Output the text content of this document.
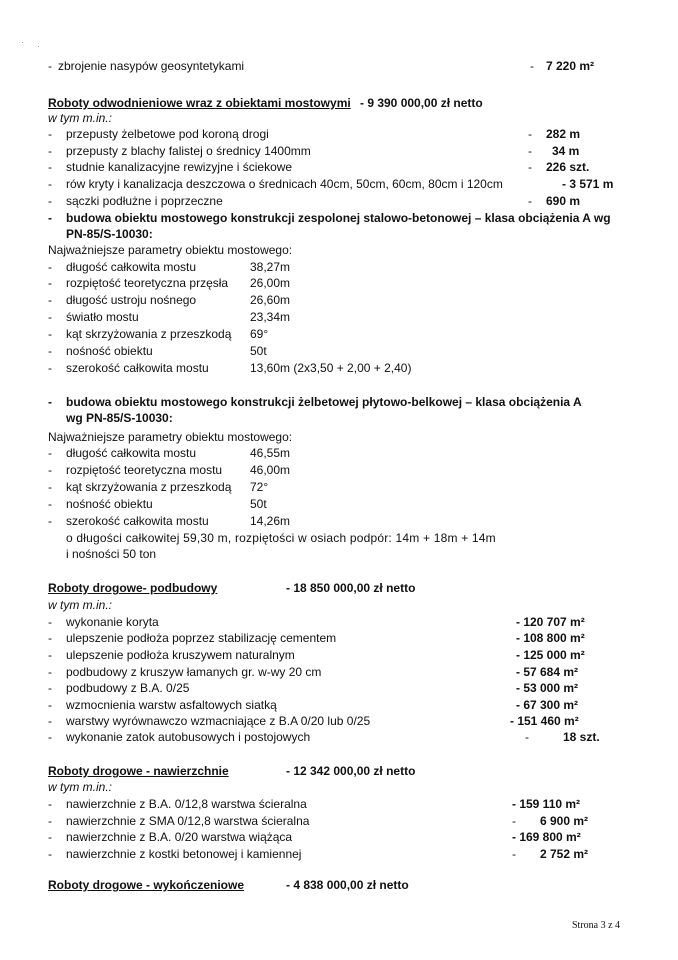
- zbrojenie nasypów geosyntetykami	- 7 220 m²
Roboty odwodnieniowe wraz z obiektami mostowymi - 9 390 000,00 zł netto
w tym m.in.:
- przepusty żelbetowe pod koroną drogi	- 282 m
- przepusty z blachy falistej o średnicy 1400mm	- 34 m
- studnie kanalizacyjne rewizyjne i ściekowe	- 226 szt.
- rów kryty i kanalizacja deszczowa o średnicach 40cm, 50cm, 60cm, 80cm i 120cm	- 3 571 m
- sączki podłużne i poprzeczne	- 690 m
- budowa obiektu mostowego konstrukcji zespolonej stalowo-betonowej – klasa obciążenia A wg
PN-85/S-10030:
Najważniejsze parametry obiektu mostowego:
- długość całkowita mostu	38,27m
- rozpiętość teoretyczna przęsła 26,00m
- długość ustroju nośnego	26,60m
- światło mostu	23,34m
- kąt skrzyżowania z przeszkodą 69°
- nośność obiektu	50t
- szerokość całkowita mostu	13,60m (2x3,50 + 2,00 + 2,40)
- budowa obiektu mostowego konstrukcji żelbetowej płytowo-belkowej – klasa obciążenia A
wg PN-85/S-10030:
Najważniejsze parametry obiektu mostowego:
- długość całkowita mostu	46,55m
- rozpiętość teoretyczna mostu 46,00m
- kąt skrzyżowania z przeszkodą 72°
- nośność obiektu	50t
- szerokość całkowita mostu	14,26m
o długości całkowitej 59,30 m, rozpiętości w osiach podpór: 14m + 18m + 14m
i nośności 50 ton
Roboty drogowe- podbudowy	- 18 850 000,00 zł netto
w tym m.in.:
- wykonanie koryta	- 120 707 m²
- ulepszenie podłoża poprzez stabilizację cementem	- 108 800 m²
- ulepszenie podłoża kruszywem naturalnym	- 125 000 m²
- podbudowy z kruszyw łamanych gr. w-wy 20 cm	- 57 684 m²
- podbudowy z B.A. 0/25	- 53 000 m²
- wzmocnienia warstw asfaltowych siatką	- 67 300 m²
- warstwy wyrównawczo wzmacniające z B.A 0/20 lub 0/25	- 151 460 m²
- wykonanie zatok autobusowych i postojowych	-	18 szt.
Roboty drogowe - nawierzchnie	- 12 342 000,00 zł netto
w tym m.in.:
- nawierzchnie z B.A. 0/12,8 warstwa ścieralna	- 159 110 m²
- nawierzchnie z SMA 0/12,8 warstwa ścieralna	- 6 900 m²
- nawierzchnie z B.A. 0/20 warstwa wiążąca	- 169 800 m²
- nawierzchnie z kostki betonowej i kamiennej	- 2 752 m²
Roboty drogowe - wykończeniowe	- 4 838 000,00 zł netto
Strona 3 z 4
